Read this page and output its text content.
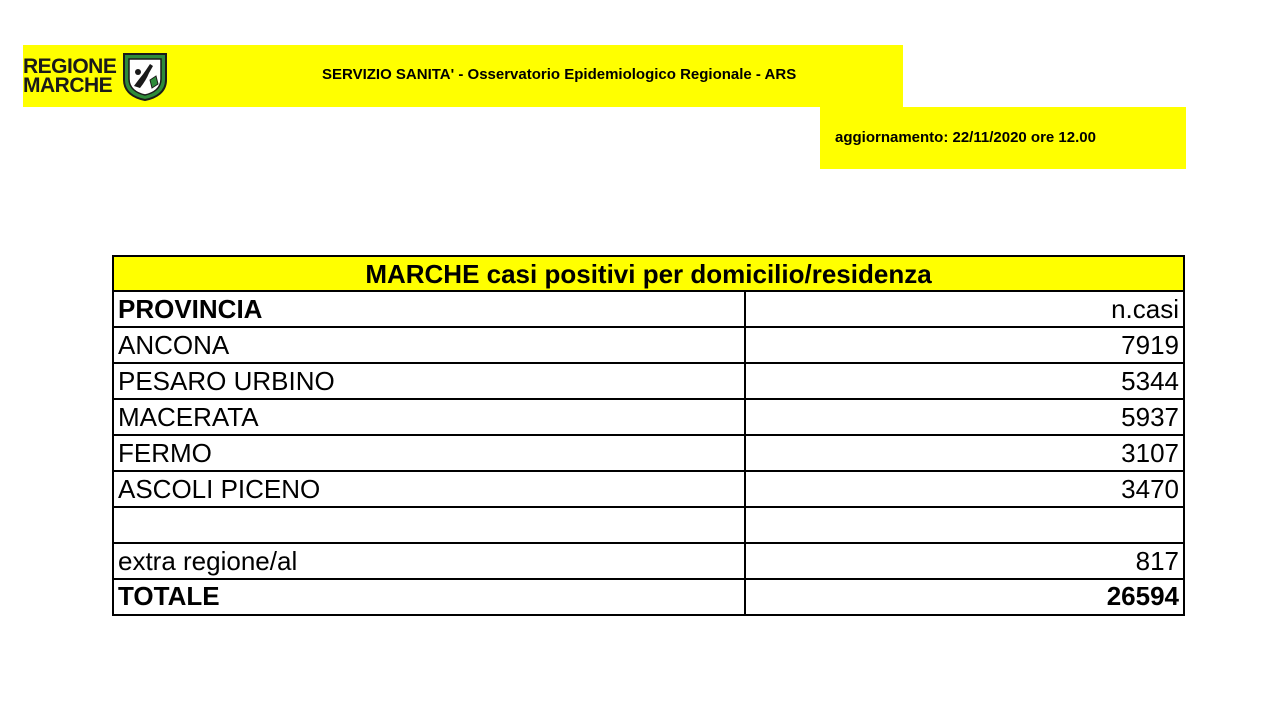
REGIONE
MARCHE	SERVIZIO SANITA' - Osservatorio Epidemiologico Regionale - ARS
aggiornamento: 22/11/2020 ore 12.00
MARCHE casi positivi per domicilio/residenza	
PROVINCIA	n.casi
ANCONA	7919
PESARO URBINO	5344
MACERATA	5937
FERMO	3107
ASCOLI PICENO	3470

extra regione/al	817
TOTALE	26594
